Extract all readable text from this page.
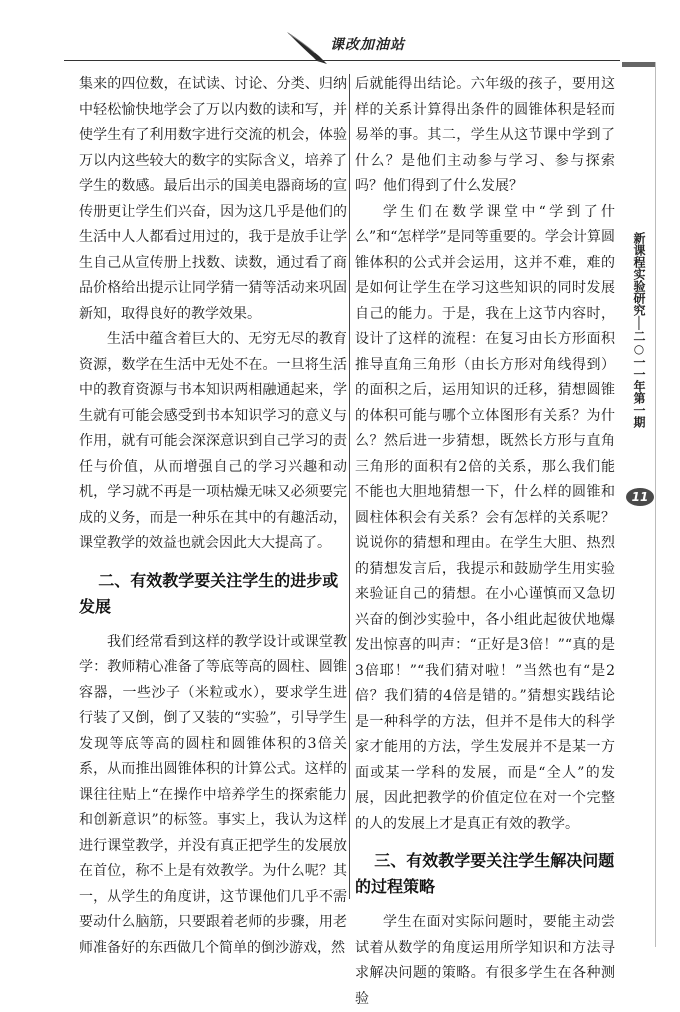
课改加油站

集来的四位数，在试读、讨论、分类、归纳中轻松愉快地学会了万以内数的读和写，并使学生有了利用数字进行交流的机会，体验万以内这些较大的数字的实际含义，培养了学生的数感。最后出示的国美电器商场的宣传册更让学生们兴奋，因为这几乎是他们的生活中人人都看过用过的，我于是放手让学生自己从宣传册上找数、读数，通过看了商品价格给出提示让同学猜一猜等活动来巩固新知，取得良好的教学效果。

生活中蕴含着巨大的、无穷无尽的教育资源，数学在生活中无处不在。一旦将生活中的教育资源与书本知识两相融通起来，学生就有可能会感受到书本知识学习的意义与作用，就有可能会深深意识到自己学习的责任与价值，从而增强自己的学习兴趣和动机，学习就不再是一项枯燥无味又必须要完成的义务，而是一种乐在其中的有趣活动，课堂教学的效益也就会因此大大提高了。

二、有效教学要关注学生的进步或发展

我们经常看到这样的教学设计或课堂教学：教师精心准备了等底等高的圆柱、圆锥容器，一些沙子（米粒或水），要求学生进行装了又倒，倒了又装的“实验”，引导学生发现等底等高的圆柱和圆锥体积的3倍关系，从而推出圆锥体积的计算公式。这样的课往往贴上“在操作中培养学生的探索能力和创新意识”的标签。事实上，我认为这样进行课堂教学，并没有真正把学生的发展放在首位，称不上是有效教学。为什么呢？其一，从学生的角度讲，这节课他们几乎不需要动什么脑筋，只要跟着老师的步骤，用老师准备好的东西做几个简单的倒沙游戏，然

后就能得出结论。六年级的孩子，要用这样的关系计算得出条件的圆锥体积是轻而易举的事。其二，学生从这节课中学到了什么？是他们主动参与学习、参与探索吗？他们得到了什么发展？

学生们在数学课堂中“学到了什么”和“怎样学”是同等重要的。学会计算圆锥体积的公式并会运用，这并不难，难的是如何让学生在学习这些知识的同时发展自己的能力。于是，我在上这节内容时，设计了这样的流程：在复习由长方形面积推导直角三角形（由长方形对角线得到）的面积之后，运用知识的迁移，猜想圆锥的体积可能与哪个立体图形有关系？为什么？然后进一步猜想，既然长方形与直角三角形的面积有2倍的关系，那么我们能不能也大胆地猜想一下，什么样的圆锥和圆柱体积会有关系？会有怎样的关系呢？说说你的猜想和理由。在学生大胆、热烈的猜想发言后，我提示和鼓励学生用实验来验证自己的猜想。在小心谨慎而又急切兴奋的倒沙实验中，各小组此起彼伏地爆发出惊喜的叫声：“正好是3倍！”“真的是3倍耶！”“我们猜对啦！”当然也有“是2倍？我们猜的4倍是错的。”猜想实践结论是一种科学的方法，但并不是伟大的科学家才能用的方法，学生发展并不是某一方面或某一学科的发展，而是“全人”的发展，因此把教学的价值定位在对一个完整的人的发展上才是真正有效的教学。

三、有效教学要关注学生解决问题的过程策略

学生在面对实际问题时，要能主动尝试着从数学的角度运用所学知识和方法寻求解决问题的策略。有很多学生在各种测验

新课程实验研究│二○一一年第一期
11
